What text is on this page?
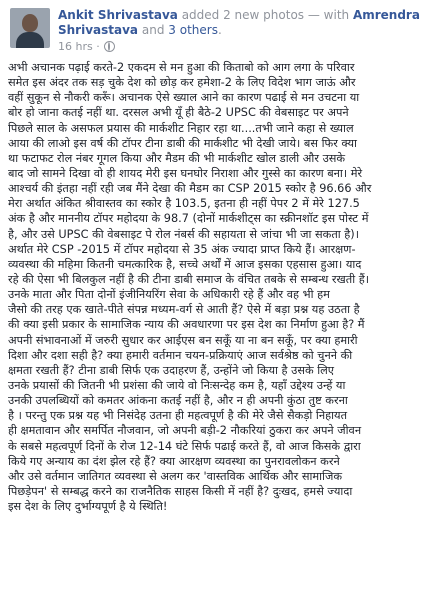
Ankit Shrivastava added 2 new photos — with Amrendra Shrivastava and 3 others.
16 hrs ·
अभी अचानक पढ़ाई करते-2 एकदम से मन हुआ की किताबो को आग लगा के परिवार
समेत इस अंदर तक सड़ चुके देश को छोड़ कर हमेशा-2 के लिए विदेश भाग जाऊं और
वहीं सुकून से नौकरी करूँ। अचानक ऐसे ख्याल आने का कारण पढाई से मन उचटना या
बोर हो जाना कतई नहीं था. दरसल अभी यूँ ही बैठे-2 UPSC की वेबसाइट पर अपने
पिछले साल के असफल प्रयास की मार्कशीट निहार रहा था....तभी जाने कहा से ख्याल
आया की लाओ इस वर्ष की टॉपर टीना डाबी की मार्कशीट भी देखी जाये। बस फिर क्या
था फटाफट रोल नंबर गूगल किया और मैडम की भी मार्कशीट खोल डाली और उसके
बाद जो सामने दिखा वो ही शायद मेरी इस घनघोर निराशा और गुस्से का कारण बना। मेरे
आश्चर्य की इंतहा नहीं रही जब मैंने देखा की मैडम का CSP 2015 स्कोर है 96.66 और
मेरा अर्थात अंकित श्रीवास्तव का स्कोर है 103.5, इतना ही नहीं पेपर 2 में मेरे 127.5
अंक है और माननीय टॉपर महोदया के 98.7 (दोनों मार्कशीट्स का स्क्रीनशॉट इस पोस्ट में
है, और उसे UPSC की वेबसाइट पे रोल नंबर्स की सहायता से जांचा भी जा सकता है)।
अर्थात मेरे CSP -2015 में टॉपर महोदया से 35 अंक ज्यादा प्राप्त किये हैं। आरक्षण-
व्यवस्था की महिमा कितनी चमत्कारिक है, सच्चे अर्थों में आज इसका एहसास हुआ। याद
रहे की ऐसा भी बिलकुल नहीं है की टीना डाबी समाज के वंचित तबके से सम्बन्ध रखती हैं।
उनके माता और पिता दोनों इंजीनियरिंग सेवा के अधिकारी रहे हैं और वह भी हम
जैसो की तरह एक खाते-पीते संपन्न मध्यम-वर्ग से आती हैं? ऐसे में बड़ा प्रश्न यह उठता है
की क्या इसी प्रकार के सामाजिक न्याय की अवधारणा पर इस देश का निर्माण हुआ है? मैं
अपनी संभावनाओं में जरुरी सुधार कर आईएस बन सकूँ या ना बन सकूँ, पर क्या हमारी
दिशा और दशा सही है? क्या हमारी वर्तमान चयन-प्रक्रियाएं आज सर्वश्रेष्ठ को चुनने की
क्षमता रखती हैं? टीना डाबी सिर्फ एक उदाहरण हैं, उन्होंने जो किया है उसके लिए
उनके प्रयासों की जितनी भी प्रशंसा की जाये वो निःसन्देह कम है, यहाँ उद्देश्य उन्हें या
उनकी उपलब्धियों को कमतर आंकना कतई नहीं है, और न ही अपनी कुंठा तुष्ट करना
है । परन्तु एक प्रश्न यह भी निसंदेह उतना ही महत्वपूर्ण है की मेरे जैसे सैकड़ो निहायत
ही क्षमतावान और समर्पित नौजवान, जो अपनी बड़ी-2 नौकरियां ठुकरा कर अपने जीवन
के सबसे महत्वपूर्ण दिनों के रोज 12-14 घंटे सिर्फ पढाई करते हैं, वो आज किसके द्वारा
किये गए अन्याय का दंश झेल रहे हैं? क्या आरक्षण व्यवस्था का पुनरावलोकन करने
और उसे वर्तमान जातिगत व्यवस्था से अलग कर 'वास्तविक आर्थिक और सामाजिक
पिछड़ेपन' से सम्बद्ध करने का राजनैतिक साहस किसी में नहीं है? दुःखद, हमसे ज्यादा
इस देश के लिए दुर्भाग्यपूर्ण है ये स्थिति!
